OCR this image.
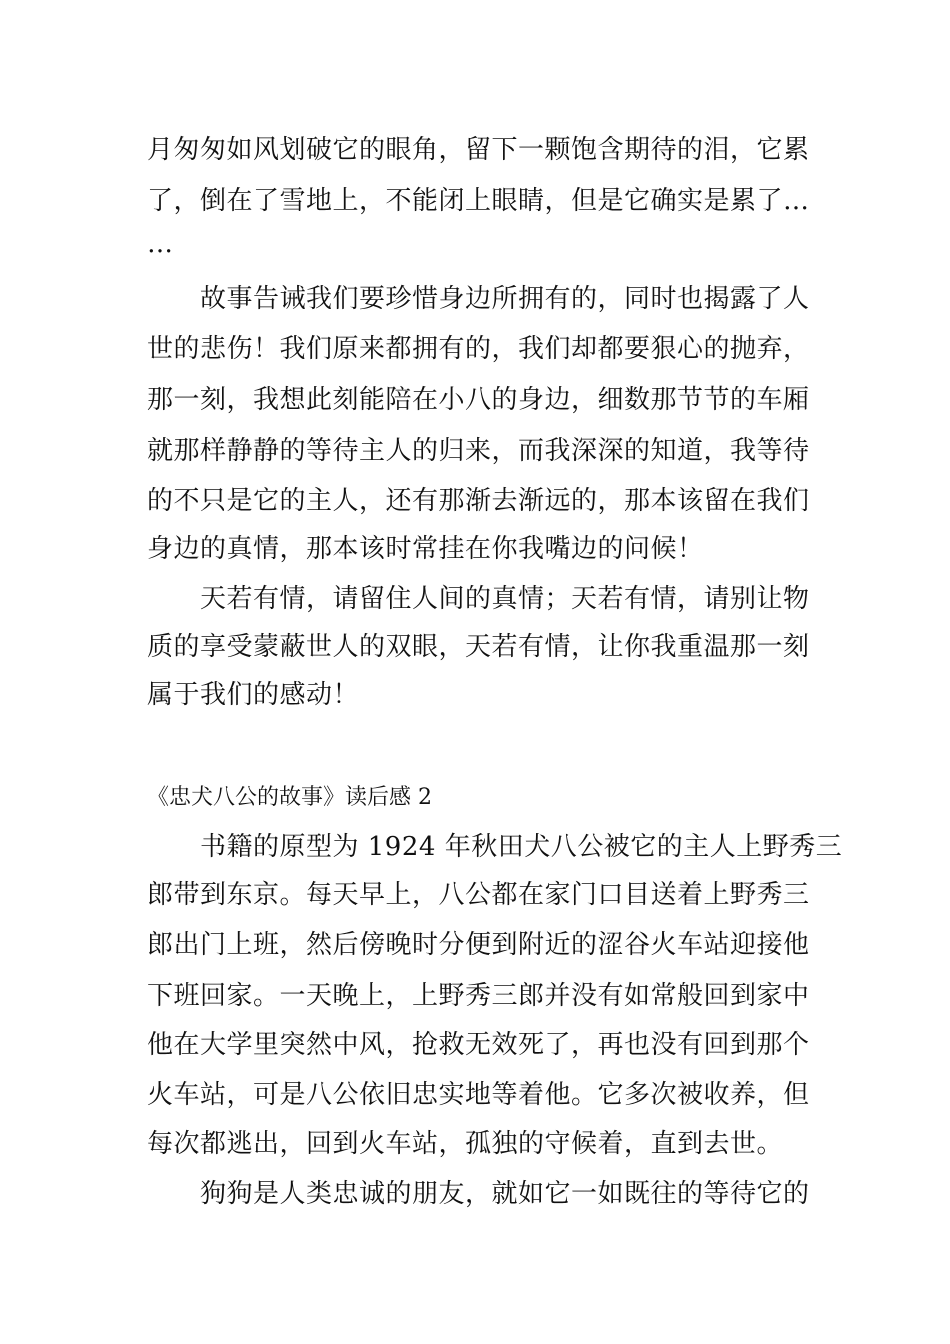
月匆匆如风划破它的眼角，留下一颗饱含期待的泪，它累
了，倒在了雪地上，不能闭上眼睛，但是它确实是累了…
…
故事告诫我们要珍惜身边所拥有的，同时也揭露了人
世的悲伤！我们原来都拥有的，我们却都要狠心的抛弃，
那一刻，我想此刻能陪在小八的身边，细数那节节的车厢
就那样静静的等待主人的归来，而我深深的知道，我等待
的不只是它的主人，还有那渐去渐远的，那本该留在我们
身边的真情，那本该时常挂在你我嘴边的问候！
天若有情，请留住人间的真情；天若有情，请别让物
质的享受蒙蔽世人的双眼，天若有情，让你我重温那一刻
属于我们的感动！
《忠犬八公的故事》读后感 2
书籍的原型为 1924 年秋田犬八公被它的主人上野秀三
郎带到东京。每天早上，八公都在家门口目送着上野秀三
郎出门上班，然后傍晚时分便到附近的涩谷火车站迎接他
下班回家。一天晚上，上野秀三郎并没有如常般回到家中
他在大学里突然中风，抢救无效死了，再也没有回到那个
火车站，可是八公依旧忠实地等着他。它多次被收养，但
每次都逃出，回到火车站，孤独的守候着，直到去世。
狗狗是人类忠诚的朋友，就如它一如既往的等待它的
